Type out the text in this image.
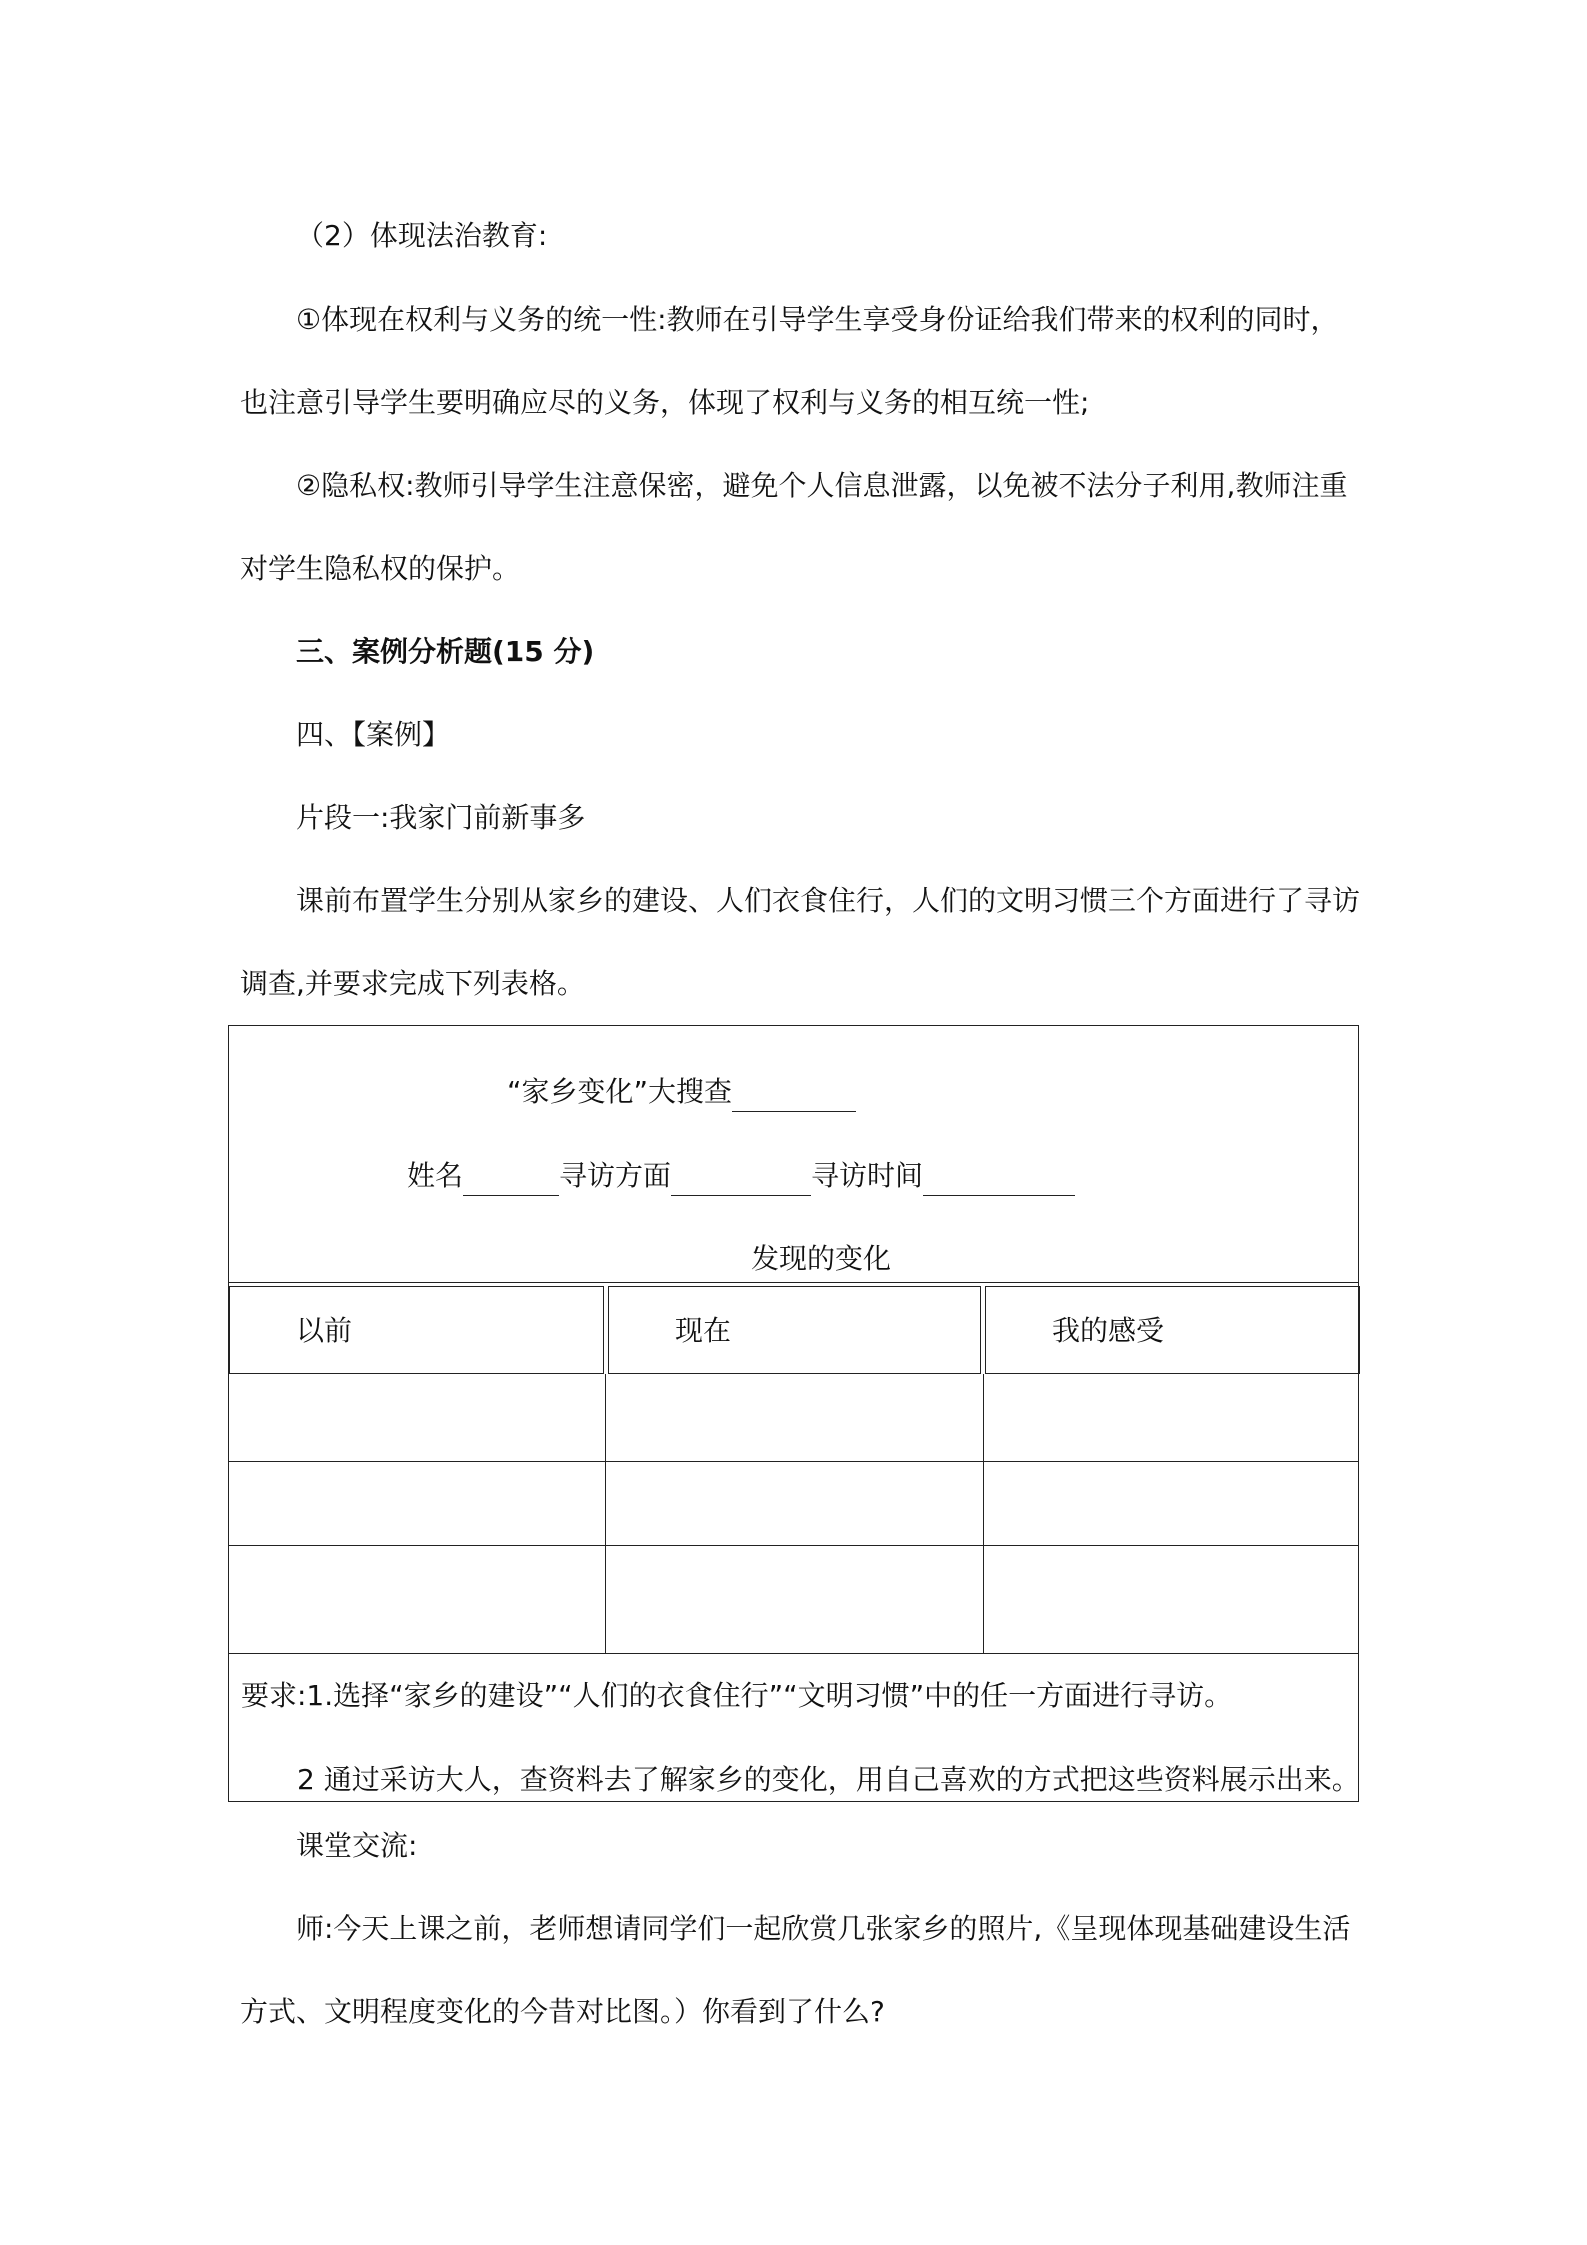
（2）体现法治教育:
①体现在权利与义务的统一性:教师在引导学生享受身份证给我们带来的权利的同时，
也注意引导学生要明确应尽的义务，体现了权利与义务的相互统一性;
②隐私权:教师引导学生注意保密，避免个人信息泄露，以免被不法分子利用,教师注重
对学生隐私权的保护。
三、案例分析题(15 分)
四、【案例】
片段一:我家门前新事多
课前布置学生分别从家乡的建设、人们衣食住行，人们的文明习惯三个方面进行了寻访
调查,并要求完成下列表格。
“家乡变化”大搜查
姓名	寻访方面	寻访时间
发现的变化
以前	现在	我的感受
要求:1.选择“家乡的建设”“人们的衣食住行”“文明习惯”中的任一方面进行寻访。
2 通过采访大人，查资料去了解家乡的变化，用自己喜欢的方式把这些资料展示出来。
课堂交流:
师:今天上课之前，老师想请同学们一起欣赏几张家乡的照片,《呈现体现基础建设生活
方式、文明程度变化的今昔对比图。）你看到了什么?
